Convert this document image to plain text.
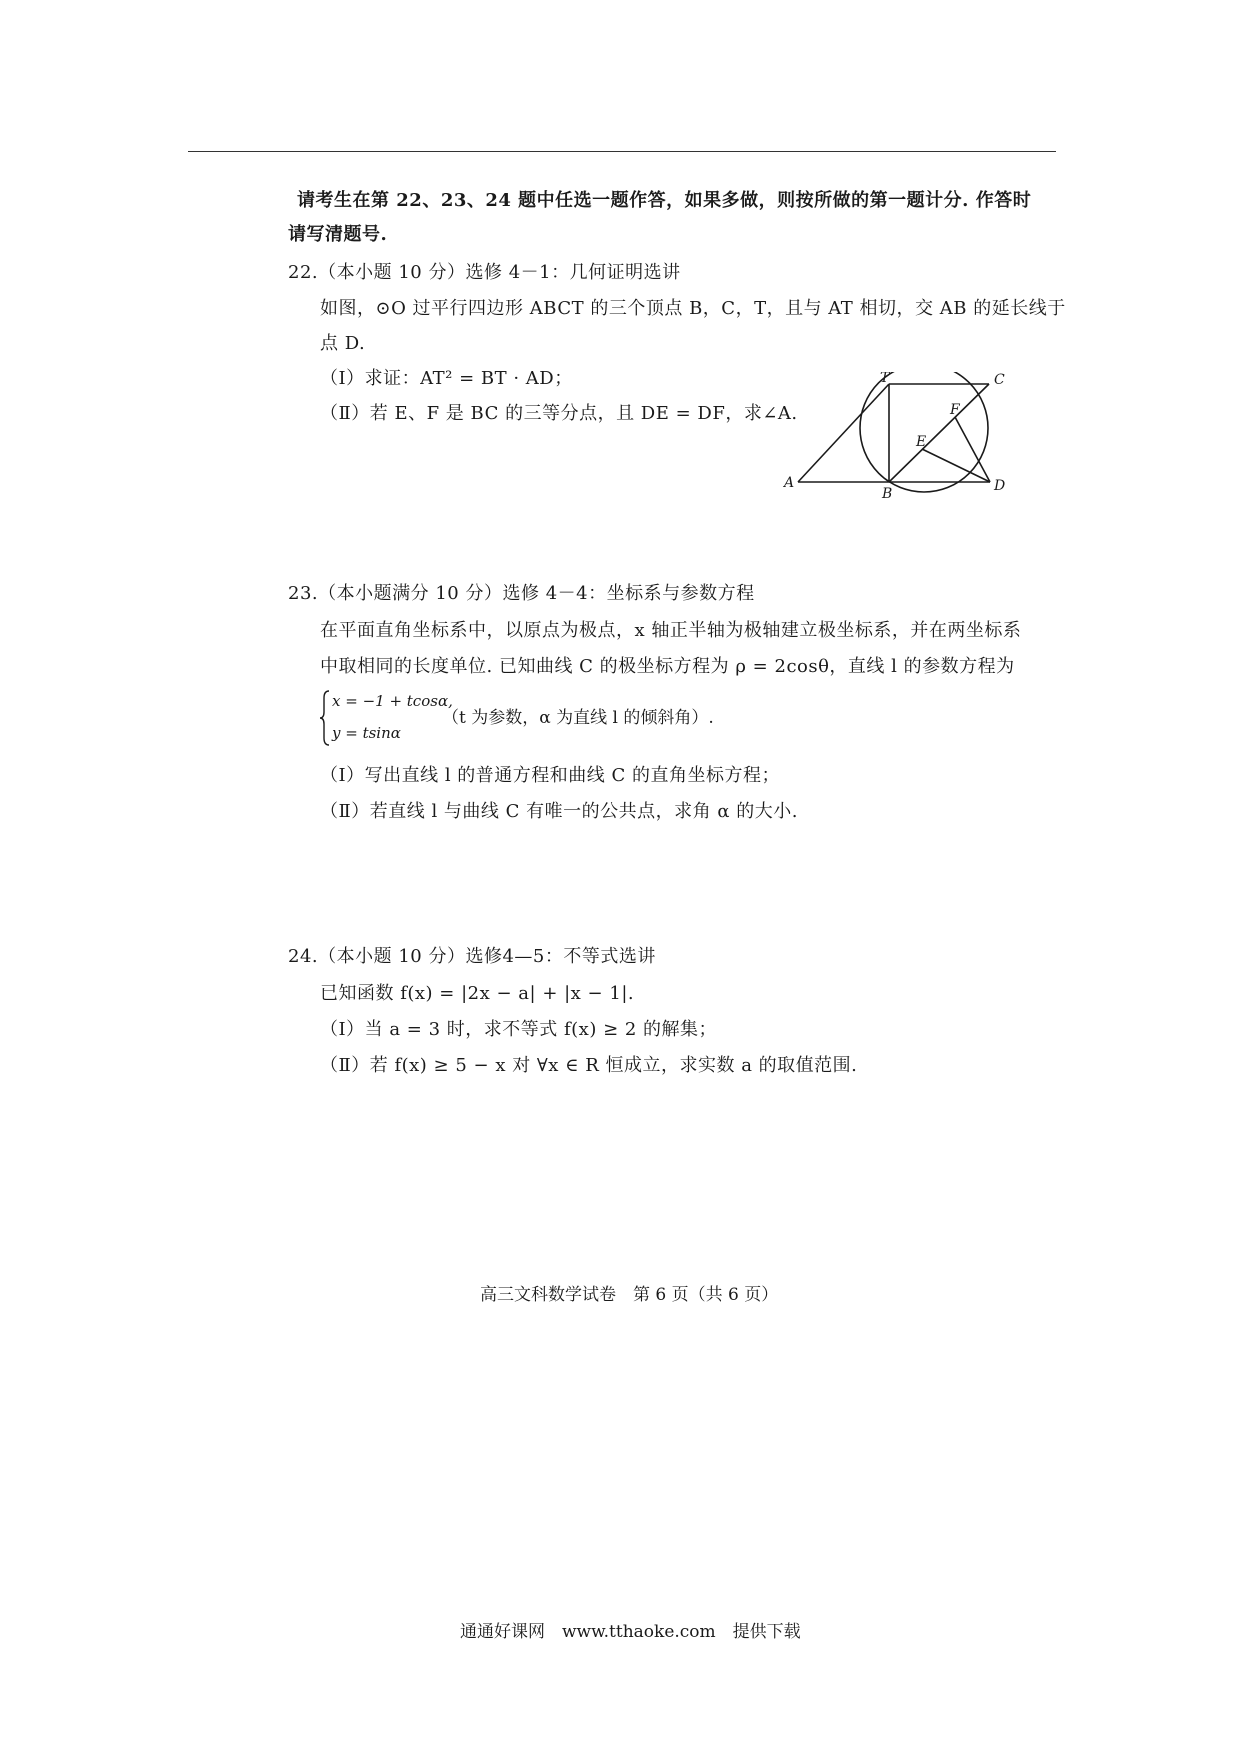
请考生在第 22、23、24 题中任选一题作答，如果多做，则按所做的第一题计分. 作答时
请写清题号.
22.（本小题 10 分）选修 4－1：几何证明选讲
如图，⊙O 过平行四边形 ABCT 的三个顶点 B，C，T，且与 AT 相切，交 AB 的延长线于
点 D.
（Ⅰ）求证：AT² = BT · AD；
（Ⅱ）若 E、F 是 BC 的三等分点，且 DE = DF，求∠A.
T	C
F
E
A
B	D
23.（本小题满分 10 分）选修 4－4：坐标系与参数方程
在平面直角坐标系中，以原点为极点，x 轴正半轴为极轴建立极坐标系，并在两坐标系
中取相同的长度单位. 已知曲线 C 的极坐标方程为 ρ = 2cosθ，直线 l 的参数方程为
x = −1 + tcosα,
y = tsinα
（t 为参数，α 为直线 l 的倾斜角）.
（Ⅰ）写出直线 l 的普通方程和曲线 C 的直角坐标方程；
（Ⅱ）若直线 l 与曲线 C 有唯一的公共点，求角 α 的大小.
24.（本小题 10 分）选修4—5：不等式选讲
已知函数 f(x) = |2x − a| + |x − 1|.
（Ⅰ）当 a = 3 时，求不等式 f(x) ≥ 2 的解集；
（Ⅱ）若 f(x) ≥ 5 − x 对 ∀x ∈ R 恒成立，求实数 a 的取值范围.
高三文科数学试卷　第 6 页（共 6 页）
通通好课网　www.tthaoke.com　提供下载
